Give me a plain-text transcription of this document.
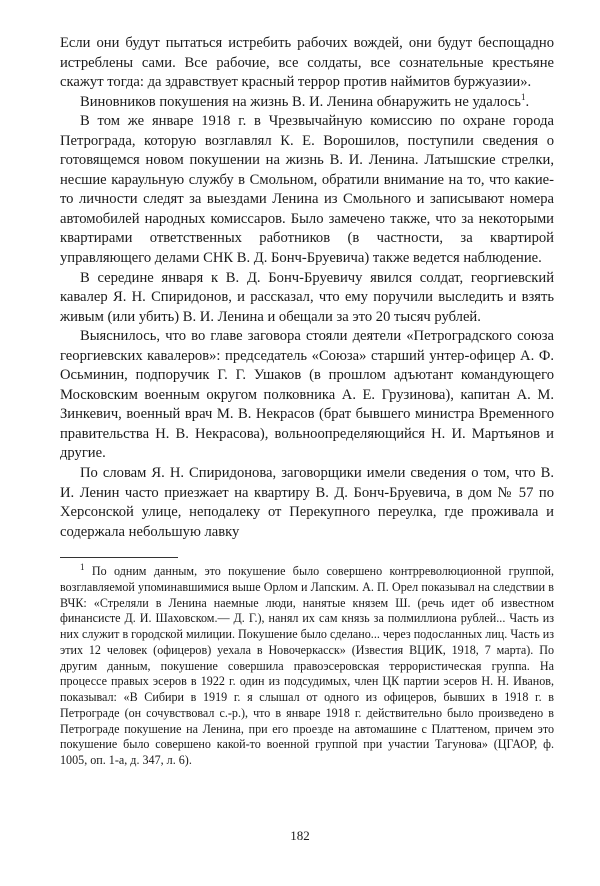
Если они будут пытаться истребить рабочих вождей, они будут беспощадно истреблены сами. Все рабочие, все солдаты, все сознательные крестьяне скажут тогда: да здравствует красный террор против наймитов буржуазии».

Виновников покушения на жизнь В. И. Ленина обнаружить не удалось$^1$.

В том же январе 1918 г. в Чрезвычайную комиссию по охране города Петрограда, которую возглавлял К. Е. Ворошилов, поступили сведения о готовящемся новом покушении на жизнь В. И. Ленина. Латышские стрелки, несшие караульную службу в Смольном, обратили внимание на то, что какие-то личности следят за выездами Ленина из Смольного и записывают номера автомобилей народных комиссаров. Было замечено также, что за некоторыми квартирами ответственных работников (в частности, за квартирой управляющего делами СНК В. Д. Бонч-Бруевича) также ведется наблюдение.

В середине января к В. Д. Бонч-Бруевичу явился солдат, георгиевский кавалер Я. Н. Спиридонов, и рассказал, что ему поручили выследить и взять живым (или убить) В. И. Ленина и обещали за это 20 тысяч рублей.

Выяснилось, что во главе заговора стояли деятели «Петроградского союза георгиевских кавалеров»: председатель «Союза» старший унтер-офицер А. Ф. Осьминин, подпоручик Г. Г. Ушаков (в прошлом адъютант командующего Московским военным округом полковника А. Е. Грузинова), капитан А. М. Зинкевич, военный врач М. В. Некрасов (брат бывшего министра Временного правительства Н. В. Некрасова), вольноопределяющийся Н. И. Мартьянов и другие.

По словам Я. Н. Спиридонова, заговорщики имели сведения о том, что В. И. Ленин часто приезжает на квартиру В. Д. Бонч-Бруевича, в дом № 57 по Херсонской улице, неподалеку от Перекупного переулка, где проживала и содержала небольшую лавку

$^1$ По одним данным, это покушение было совершено контрреволюционной группой, возглавляемой упоминавшимися выше Орлом и Лапским. А. П. Орел показывал на следствии в ВЧК: «Стреляли в Ленина наемные люди, нанятые князем Ш. (речь идет об известном финансисте Д. И. Шаховском.— Д. Г.), нанял их сам князь за полмиллиона рублей... Часть из них служит в городской милиции. Покушение было сделано... через подосланных лиц. Часть из этих 12 человек (офицеров) уехала в Новочеркасск» (Известия ВЦИК, 1918, 7 марта). По другим данным, покушение совершила правоэсеровская террористическая группа. На процессе правых эсеров в 1922 г. один из подсудимых, член ЦК партии эсеров Н. Н. Иванов, показывал: «В Сибири в 1919 г. я слышал от одного из офицеров, бывших в 1918 г. в Петрограде (он сочувствовал с.-р.), что в январе 1918 г. действительно было произведено в Петрограде покушение на Ленина, при его проезде на автомашине с Платтеном, причем это покушение было совершено какой-то военной группой при участии Тагунова» (ЦГАОР, ф. 1005, оп. 1-а, д. 347, л. 6).

182
